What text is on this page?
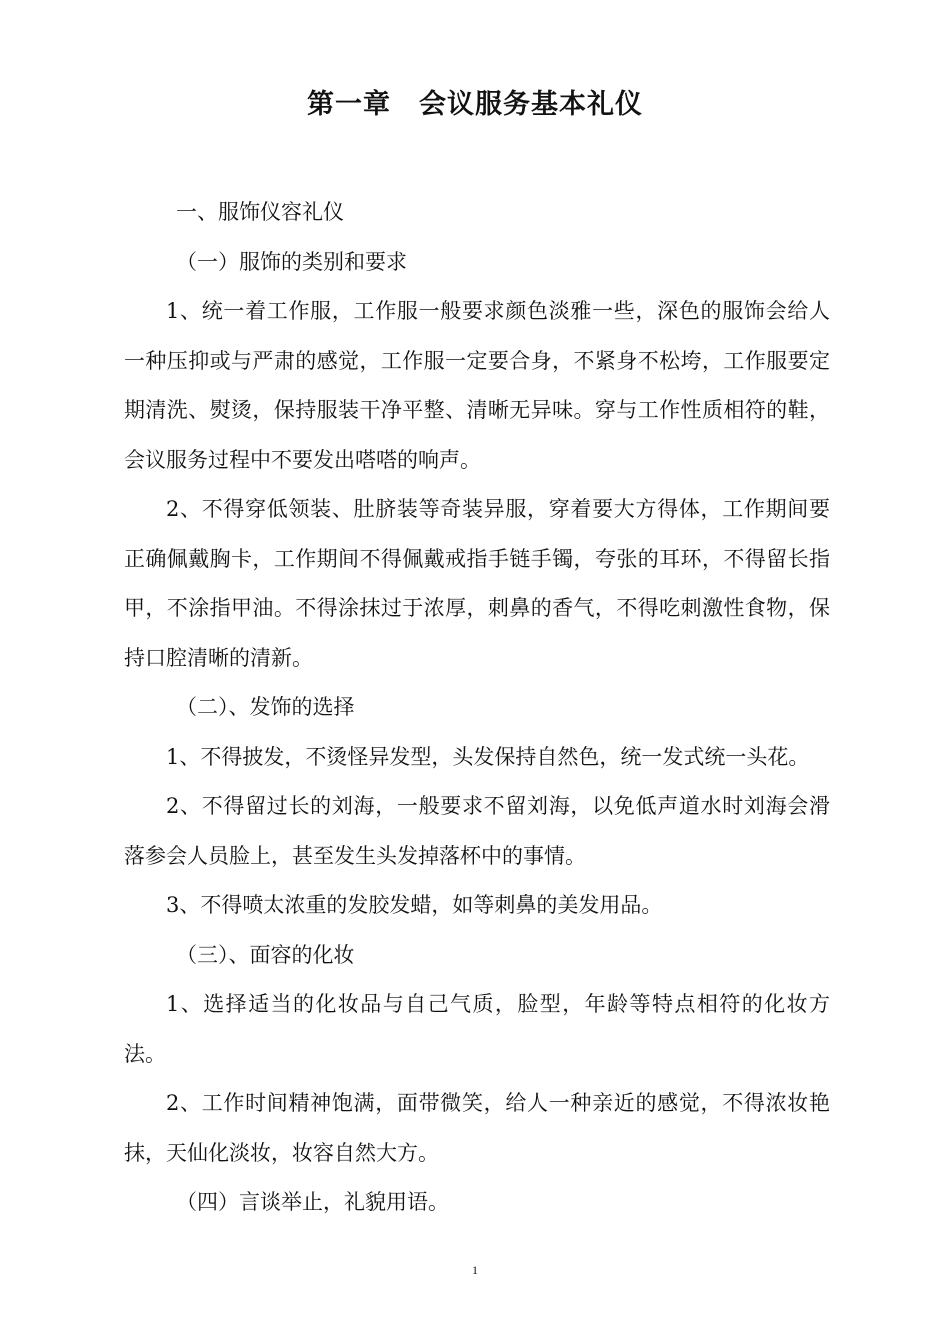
第一章　会议服务基本礼仪

一、服饰仪容礼仪

（一）服饰的类别和要求

1、统一着工作服，工作服一般要求颜色淡雅一些，深色的服饰会给人一种压抑或与严肃的感觉，工作服一定要合身，不紧身不松垮，工作服要定期清洗、熨烫，保持服装干净平整、清晰无异味。穿与工作性质相符的鞋，会议服务过程中不要发出嗒嗒的响声。

2、不得穿低领装、肚脐装等奇装异服，穿着要大方得体，工作期间要正确佩戴胸卡，工作期间不得佩戴戒指手链手镯，夸张的耳环，不得留长指甲，不涂指甲油。不得涂抹过于浓厚，刺鼻的香气，不得吃刺激性食物，保持口腔清晰的清新。

（二）、发饰的选择

1、不得披发，不烫怪异发型，头发保持自然色，统一发式统一头花。

2、不得留过长的刘海，一般要求不留刘海，以免低声道水时刘海会滑落参会人员脸上，甚至发生头发掉落杯中的事情。

3、不得喷太浓重的发胶发蜡，如等刺鼻的美发用品。

（三）、面容的化妆

1、选择适当的化妆品与自己气质，脸型，年龄等特点相符的化妆方法。

2、工作时间精神饱满，面带微笑，给人一种亲近的感觉，不得浓妆艳抹，天仙化淡妆，妆容自然大方。

（四）言谈举止，礼貌用语。

1
